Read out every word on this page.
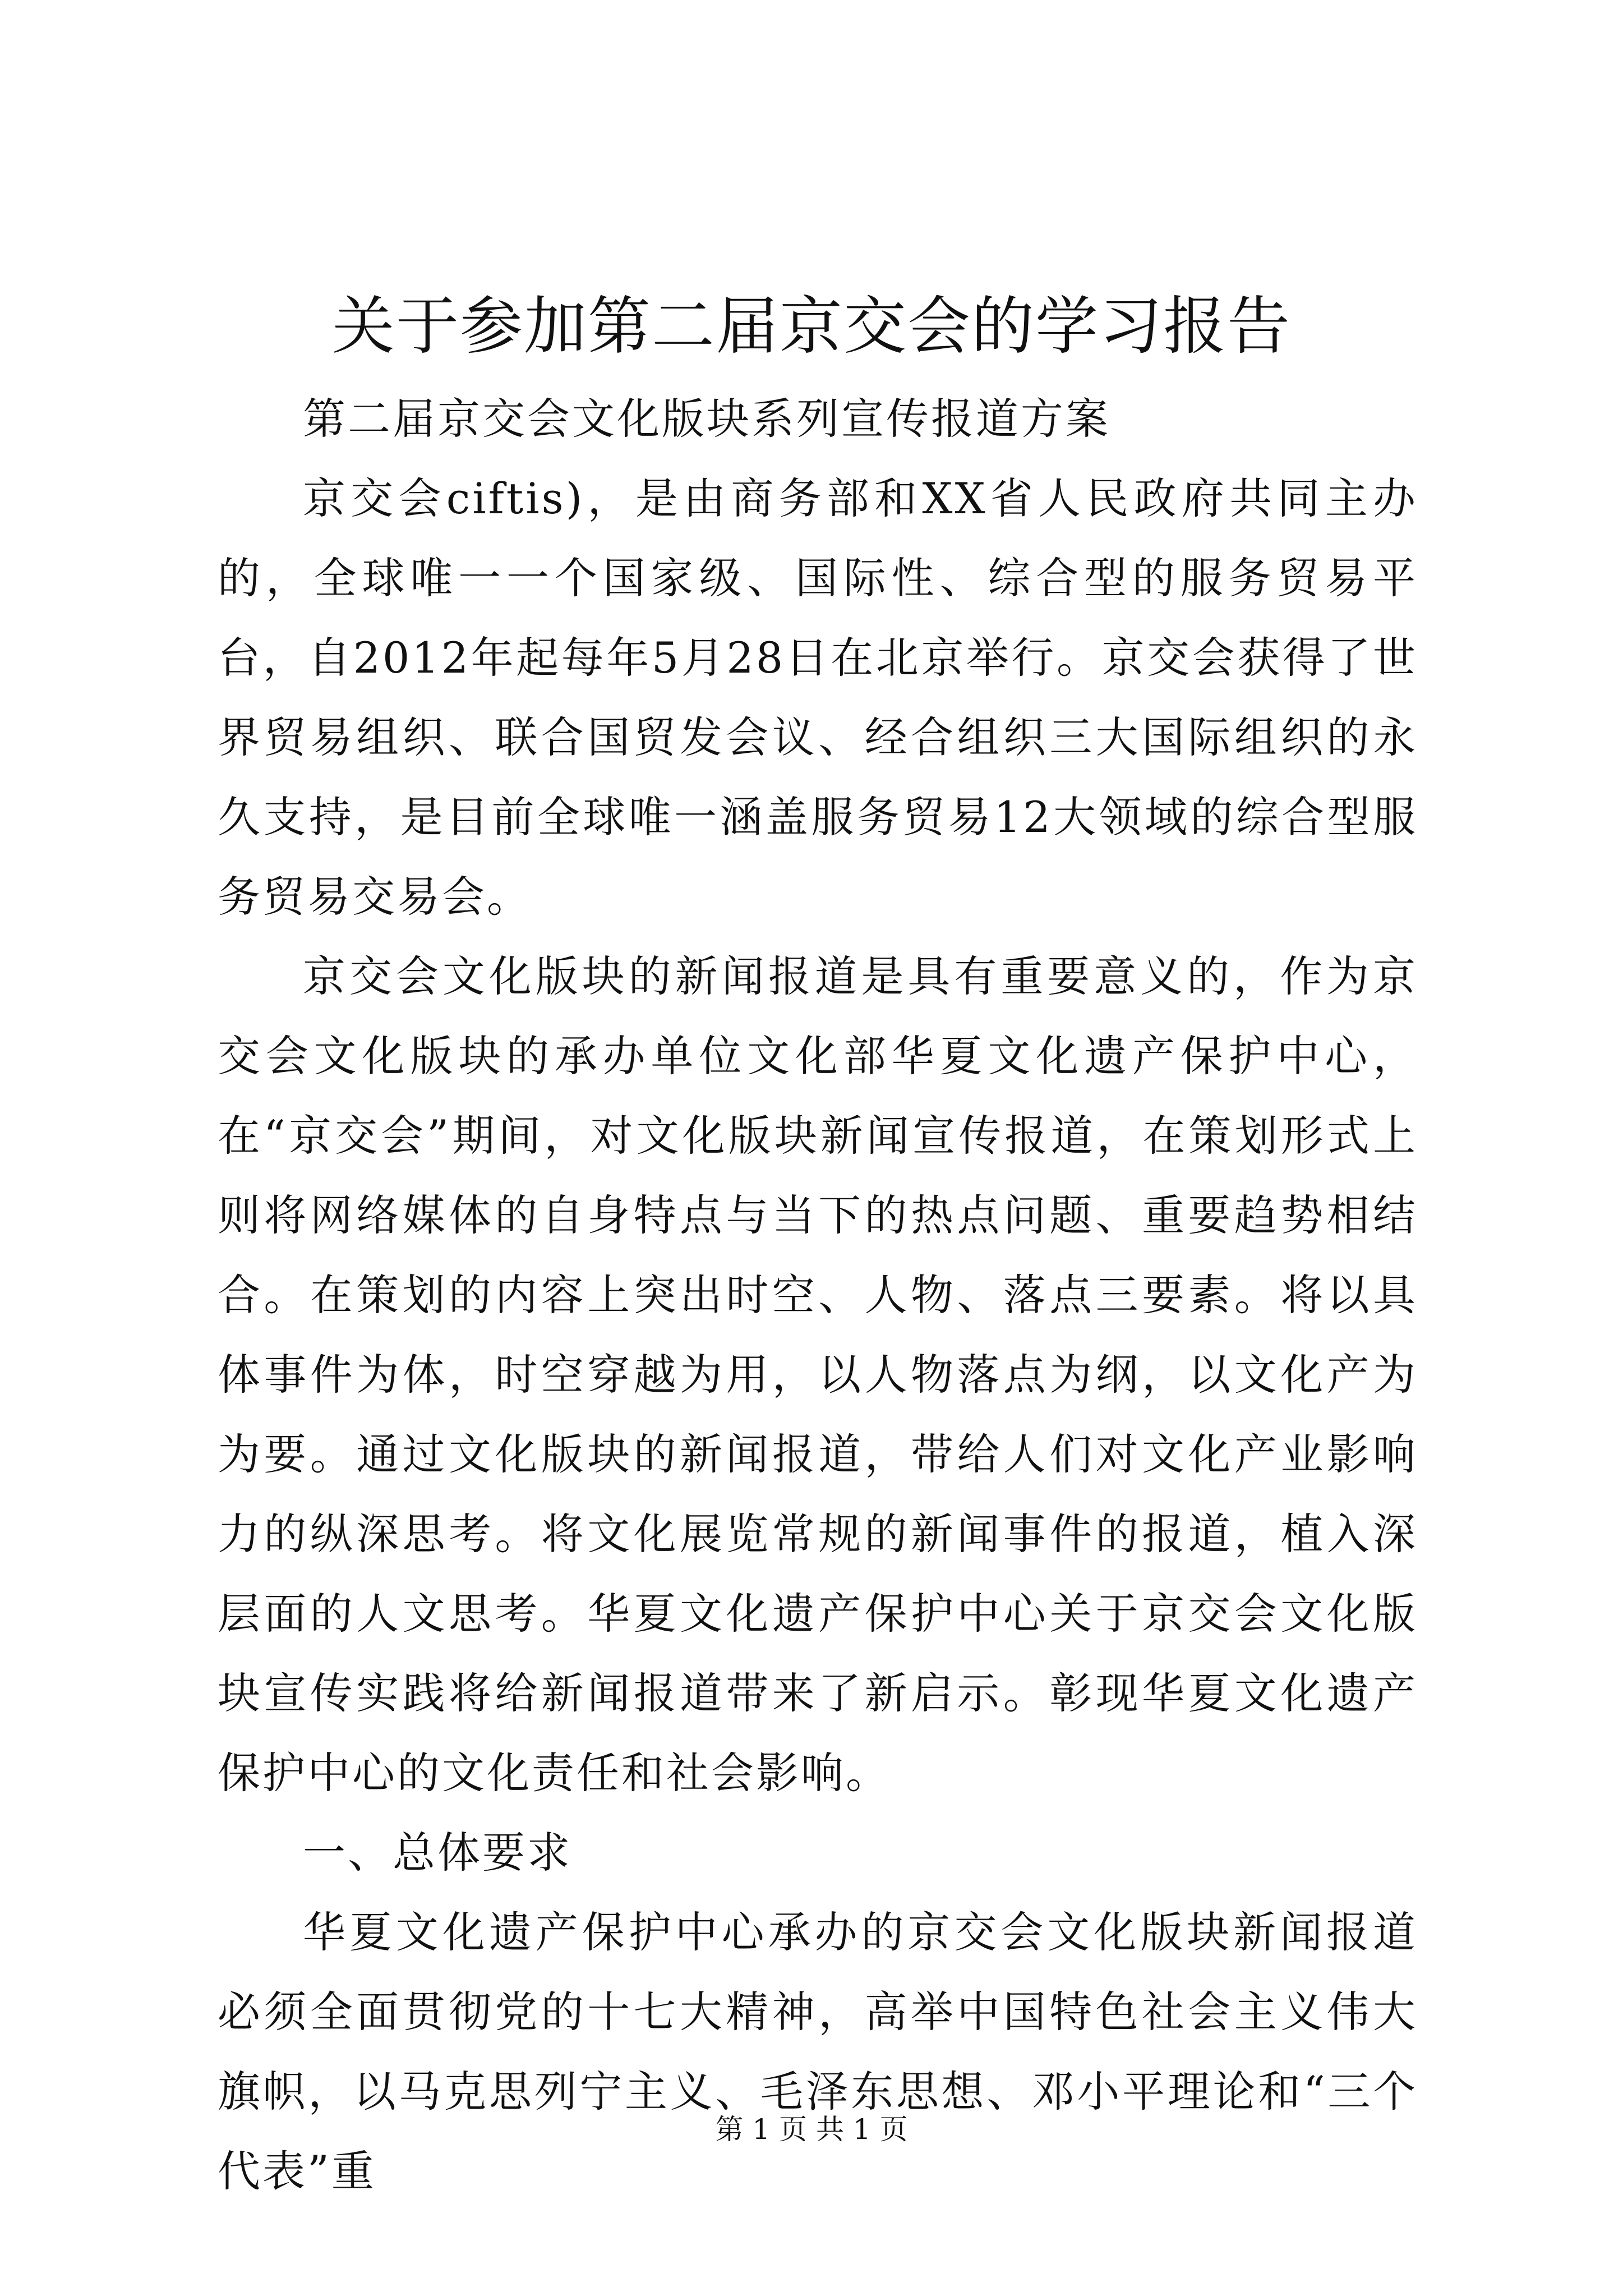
关于参加第二届京交会的学习报告

第二届京交会文化版块系列宣传报道方案

京交会ciftis)，是由商务部和XX省人民政府共同主办的，全球唯一一个国家级、国际性、综合型的服务贸易平台，自2012年起每年5月28日在北京举行。京交会获得了世界贸易组织、联合国贸发会议、经合组织三大国际组织的永久支持，是目前全球唯一涵盖服务贸易12大领域的综合型服务贸易交易会。

京交会文化版块的新闻报道是具有重要意义的，作为京交会文化版块的承办单位文化部华夏文化遗产保护中心，在“京交会”期间，对文化版块新闻宣传报道，在策划形式上则将网络媒体的自身特点与当下的热点问题、重要趋势相结合。在策划的内容上突出时空、人物、落点三要素。将以具体事件为体，时空穿越为用，以人物落点为纲，以文化产为为要。通过文化版块的新闻报道，带给人们对文化产业影响力的纵深思考。将文化展览常规的新闻事件的报道，植入深层面的人文思考。华夏文化遗产保护中心关于京交会文化版块宣传实践将给新闻报道带来了新启示。彰现华夏文化遗产保护中心的文化责任和社会影响。

一、总体要求

华夏文化遗产保护中心承办的京交会文化版块新闻报道必须全面贯彻党的十七大精神，高举中国特色社会主义伟大旗帜，以马克思列宁主义、毛泽东思想、邓小平理论和“三个代表”重

第 1 页 共 1 页
